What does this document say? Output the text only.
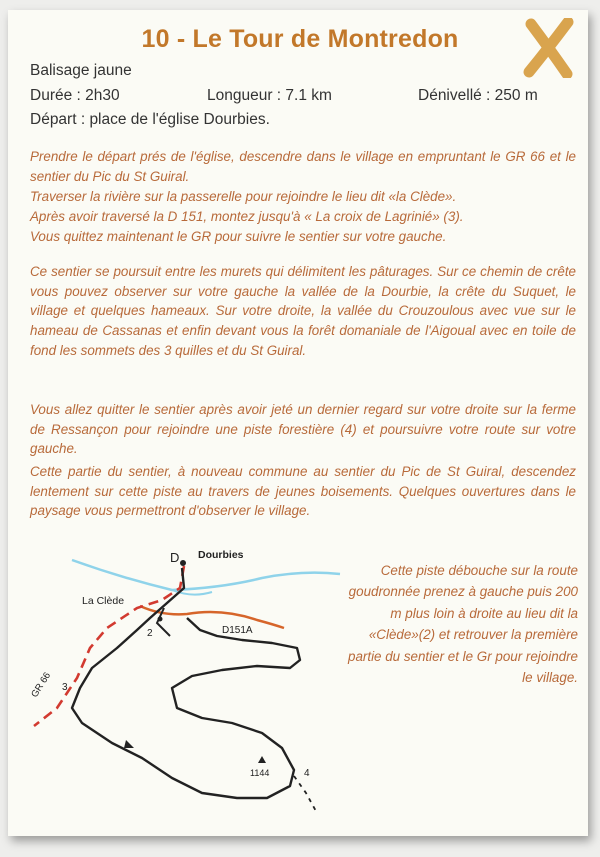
10 - Le Tour de Montredon
Balisage jaune
Durée : 2h30	Longueur : 7.1 km	Dénivellé : 250 m
Départ : place de l'église Dourbies.

Prendre le départ prés de l'église, descendre dans le village en empruntant le GR 66 et le sentier du Pic du St Guiral.

Traverser la rivière sur la passerelle pour rejoindre le lieu dit «la Clède».

Après avoir traversé la D 151, montez jusqu'à « La croix de Lagrinié» (3).

Vous quittez maintenant le GR pour suivre le sentier sur votre gauche.

Ce sentier se poursuit entre les murets qui délimitent les pâturages. Sur ce chemin de crête vous pouvez observer sur votre gauche la vallée de la Dourbie, la crête du Suquet, le village et quelques hameaux. Sur votre droite, la vallée du Crouzoulous avec vue sur le hameau de Cassanas et enfin devant vous la forêt domaniale de l'Aigoual avec en toile de fond les sommets des 3 quilles et du St Guiral.

Vous allez quitter le sentier après avoir jeté un dernier regard sur votre droite sur la ferme de Ressançon pour rejoindre une piste forestière (4) et poursuivre votre route sur votre gauche.

Cette partie du sentier, à nouveau commune au sentier du Pic de St Guiral, descendez lentement sur cette piste au travers de jeunes boisements. Quelques ouvertures dans le paysage vous permettront d'observer le village.

Cette piste débouche sur la route goudronnée prenez à gauche puis 200 m plus loin à droite au lieu dit la «Clède»(2) et retrouver la première partie du sentier et le Gr pour rejoindre le village.

D Dourbies
La Clède
D151A
GR 66
2
3
4
1144
